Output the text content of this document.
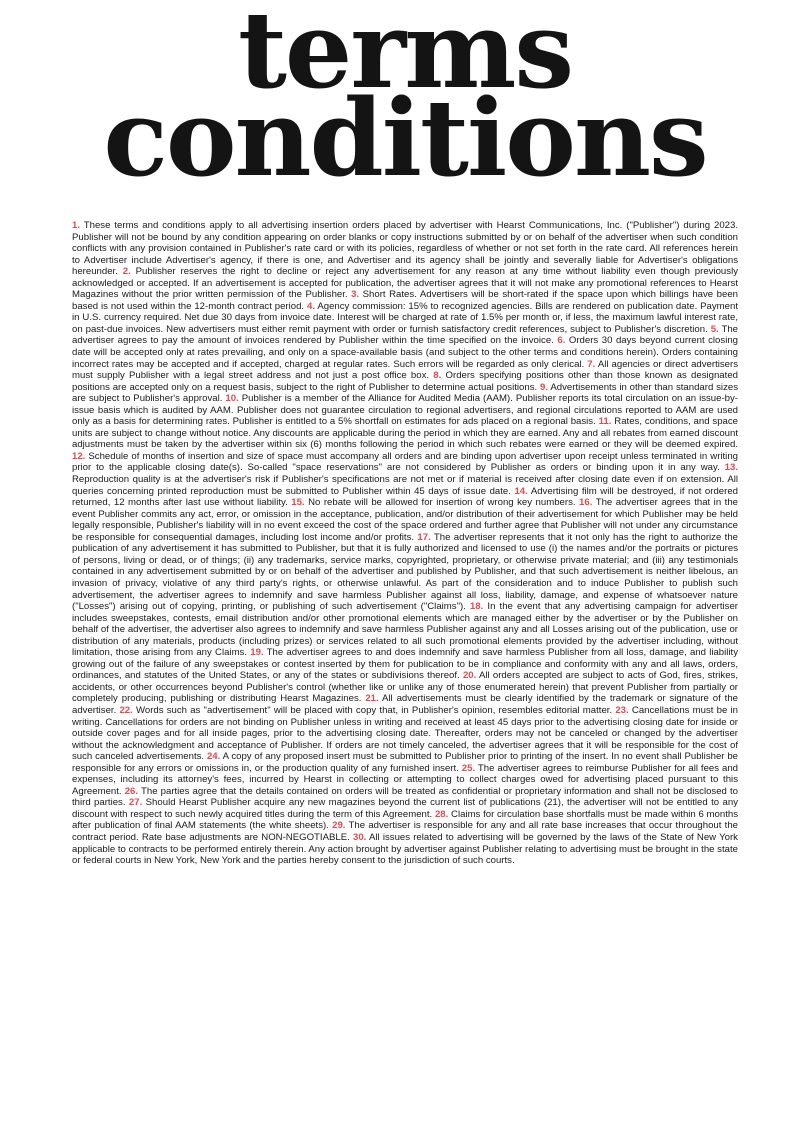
terms
conditions

1. These terms and conditions apply to all advertising insertion orders placed by advertiser with Hearst Communications, Inc. ("Publisher") during 2023. Publisher will not be bound by any condition appearing on order blanks or copy instructions submitted by or on behalf of the advertiser when such condition conflicts with any provision contained in Publisher's rate card or with its policies, regardless of whether or not set forth in the rate card. All references herein to Advertiser include Advertiser's agency, if there is one, and Advertiser and its agency shall be jointly and severally liable for Advertiser's obligations hereunder. 2. Publisher reserves the right to decline or reject any advertisement for any reason at any time without liability even though previously acknowledged or accepted. If an advertisement is accepted for publication, the advertiser agrees that it will not make any promotional references to Hearst Magazines without the prior written permission of the Publisher. 3. Short Rates. Advertisers will be short-rated if the space upon which billings have been based is not used within the 12-month contract period. 4. Agency commission: 15% to recognized agencies. Bills are rendered on publication date. Payment in U.S. currency required. Net due 30 days from invoice date. Interest will be charged at rate of 1.5% per month or, if less, the maximum lawful interest rate, on past-due invoices. New advertisers must either remit payment with order or furnish satisfactory credit references, subject to Publisher's discretion. 5. The advertiser agrees to pay the amount of invoices rendered by Publisher within the time specified on the invoice. 6. Orders 30 days beyond current closing date will be accepted only at rates prevailing, and only on a space-available basis (and subject to the other terms and conditions herein). Orders containing incorrect rates may be accepted and if accepted, charged at regular rates. Such errors will be regarded as only clerical. 7. All agencies or direct advertisers must supply Publisher with a legal street address and not just a post office box. 8. Orders specifying positions other than those known as designated positions are accepted only on a request basis, subject to the right of Publisher to determine actual positions. 9. Advertisements in other than standard sizes are subject to Publisher's approval. 10. Publisher is a member of the Alliance for Audited Media (AAM). Publisher reports its total circulation on an issue-by-issue basis which is audited by AAM. Publisher does not guarantee circulation to regional advertisers, and regional circulations reported to AAM are used only as a basis for determining rates. Publisher is entitled to a 5% shortfall on estimates for ads placed on a regional basis. 11. Rates, conditions, and space units are subject to change without notice. Any discounts are applicable during the period in which they are earned. Any and all rebates from earned discount adjustments must be taken by the advertiser within six (6) months following the period in which such rebates were earned or they will be deemed expired. 12. Schedule of months of insertion and size of space must accompany all orders and are binding upon advertiser upon receipt unless terminated in writing prior to the applicable closing date(s). So-called "space reservations" are not considered by Publisher as orders or binding upon it in any way. 13. Reproduction quality is at the advertiser's risk if Publisher's specifications are not met or if material is received after closing date even if on extension. All queries concerning printed reproduction must be submitted to Publisher within 45 days of issue date. 14. Advertising film will be destroyed, if not ordered returned, 12 months after last use without liability. 15. No rebate will be allowed for insertion of wrong key numbers. 16. The advertiser agrees that in the event Publisher commits any act, error, or omission in the acceptance, publication, and/or distribution of their advertisement for which Publisher may be held legally responsible, Publisher's liability will in no event exceed the cost of the space ordered and further agree that Publisher will not under any circumstance be responsible for consequential damages, including lost income and/or profits. 17. The advertiser represents that it not only has the right to authorize the publication of any advertisement it has submitted to Publisher, but that it is fully authorized and licensed to use (i) the names and/or the portraits or pictures of persons, living or dead, or of things; (ii) any trademarks, service marks, copyrighted, proprietary, or otherwise private material; and (iii) any testimonials contained in any advertisement submitted by or on behalf of the advertiser and published by Publisher, and that such advertisement is neither libelous, an invasion of privacy, violative of any third party's rights, or otherwise unlawful. As part of the consideration and to induce Publisher to publish such advertisement, the advertiser agrees to indemnify and save harmless Publisher against all loss, liability, damage, and expense of whatsoever nature ("Losses") arising out of copying, printing, or publishing of such advertisement ("Claims"). 18. In the event that any advertising campaign for advertiser includes sweepstakes, contests, email distribution and/or other promotional elements which are managed either by the advertiser or by the Publisher on behalf of the advertiser, the advertiser also agrees to indemnify and save harmless Publisher against any and all Losses arising out of the publication, use or distribution of any materials, products (including prizes) or services related to all such promotional elements provided by the advertiser including, without limitation, those arising from any Claims. 19. The advertiser agrees to and does indemnify and save harmless Publisher from all loss, damage, and liability growing out of the failure of any sweepstakes or contest inserted by them for publication to be in compliance and conformity with any and all laws, orders, ordinances, and statutes of the United States, or any of the states or subdivisions thereof. 20. All orders accepted are subject to acts of God, fires, strikes, accidents, or other occurrences beyond Publisher's control (whether like or unlike any of those enumerated herein) that prevent Publisher from partially or completely producing, publishing or distributing Hearst Magazines. 21. All advertisements must be clearly identified by the trademark or signature of the advertiser. 22. Words such as "advertisement" will be placed with copy that, in Publisher's opinion, resembles editorial matter. 23. Cancellations must be in writing. Cancellations for orders are not binding on Publisher unless in writing and received at least 45 days prior to the advertising closing date for inside or outside cover pages and for all inside pages, prior to the advertising closing date. Thereafter, orders may not be canceled or changed by the advertiser without the acknowledgment and acceptance of Publisher. If orders are not timely canceled, the advertiser agrees that it will be responsible for the cost of such canceled advertisements. 24. A copy of any proposed insert must be submitted to Publisher prior to printing of the insert. In no event shall Publisher be responsible for any errors or omissions in, or the production quality of any furnished insert. 25. The advertiser agrees to reimburse Publisher for all fees and expenses, including its attorney's fees, incurred by Hearst in collecting or attempting to collect charges owed for advertising placed pursuant to this Agreement. 26. The parties agree that the details contained on orders will be treated as confidential or proprietary information and shall not be disclosed to third parties. 27. Should Hearst Publisher acquire any new magazines beyond the current list of publications (21), the advertiser will not be entitled to any discount with respect to such newly acquired titles during the term of this Agreement. 28. Claims for circulation base shortfalls must be made within 6 months after publication of final AAM statements (the white sheets). 29. The advertiser is responsible for any and all rate base increases that occur throughout the contract period. Rate base adjustments are NON-NEGOTIABLE. 30. All issues related to advertising will be governed by the laws of the State of New York applicable to contracts to be performed entirely therein. Any action brought by advertiser against Publisher relating to advertising must be brought in the state or federal courts in New York, New York and the parties hereby consent to the jurisdiction of such courts.
